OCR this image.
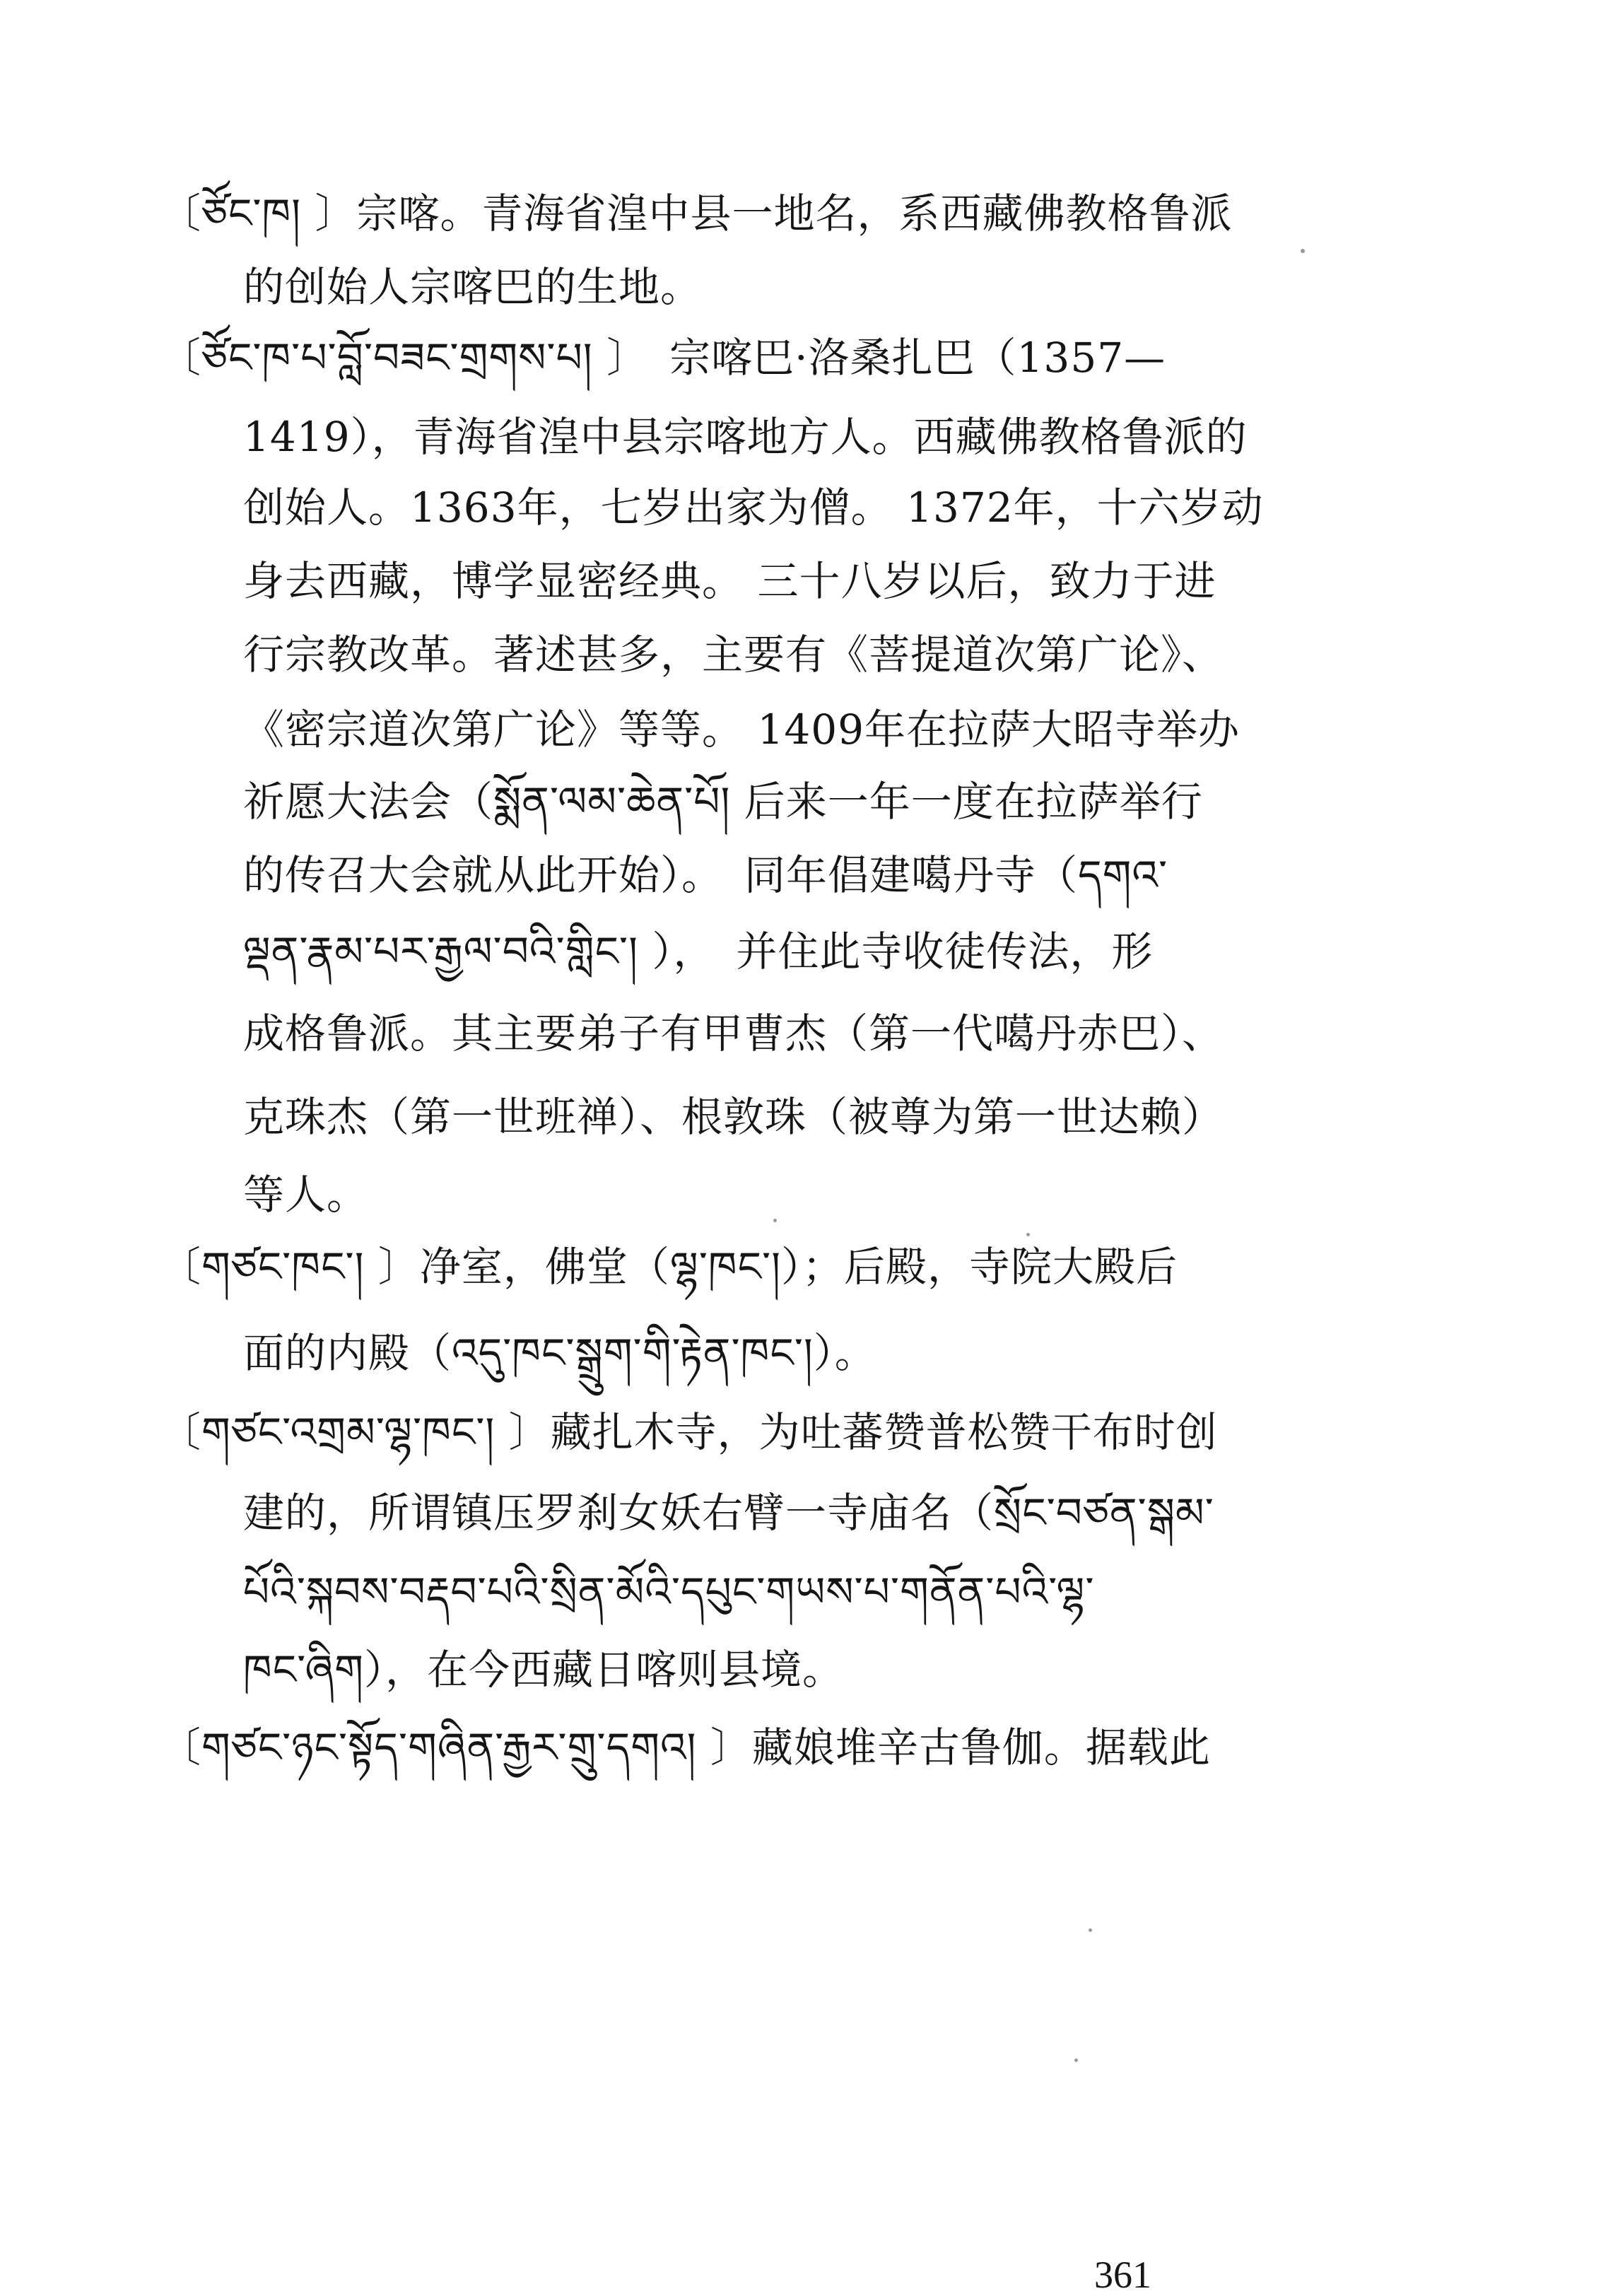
〔ཙོང་ཁ། 〕宗喀。青海省湟中县一地名，系西藏佛教格鲁派
的创始人宗喀巴的生地。
〔ཙོང་ཁ་པ་བློ་བཟང་གྲགས་པ། 〕　宗喀巴·洛桑扎巴（1357—
1419），青海省湟中县宗喀地方人。西藏佛教格鲁派的
创始人。1363年，七岁出家为僧。 1372年，十六岁动
身去西藏，博学显密经典。 三十八岁以后，致力于进
行宗教改革。著述甚多，主要有《菩提道次第广论》、
《密宗道次第广论》等等。 1409年在拉萨大昭寺举办
祈愿大法会（སྨོན་ལམ་ཆེན་པོ། 后来一年一度在拉萨举行
的传召大会就从此开始）。　同年倡建噶丹寺（དགའ་
ལྡན་རྣམ་པར་རྒྱལ་བའི་གླིང་། ），　并住此寺收徒传法，形
成格鲁派。其主要弟子有甲曹杰（第一代噶丹赤巴）、
克珠杰（第一世班禅）、根敦珠（被尊为第一世达赖）
等人。
〔གཙང་ཁང་། 〕净室，佛堂（ལྷ་ཁང་།）；后殿，寺院大殿后
面的内殿（འདུ་ཁང་སྒྲུག་གི་རྟེན་ཁང་།）。
〔གཙང་འགྲམ་ལྷ་ཁང་། 〕藏扎木寺，为吐蕃赞普松赞干布时创
建的，所谓镇压罗刹女妖右臂一寺庙名（སྲོང་བཙན་སྒམ་
པོའི་སྐབས་བརྡབ་པའི་སྲིན་མོའི་དཔུང་གཡས་པ་གནོན་པའི་ལྷ་
ཁང་ཞིག），在今西藏日喀则县境。
〔གཙང་ཉང་སྟོད་གཞིན་རྒྱར་གྲུ་དགའ། 〕藏娘堆辛古鲁伽。据载此
361
